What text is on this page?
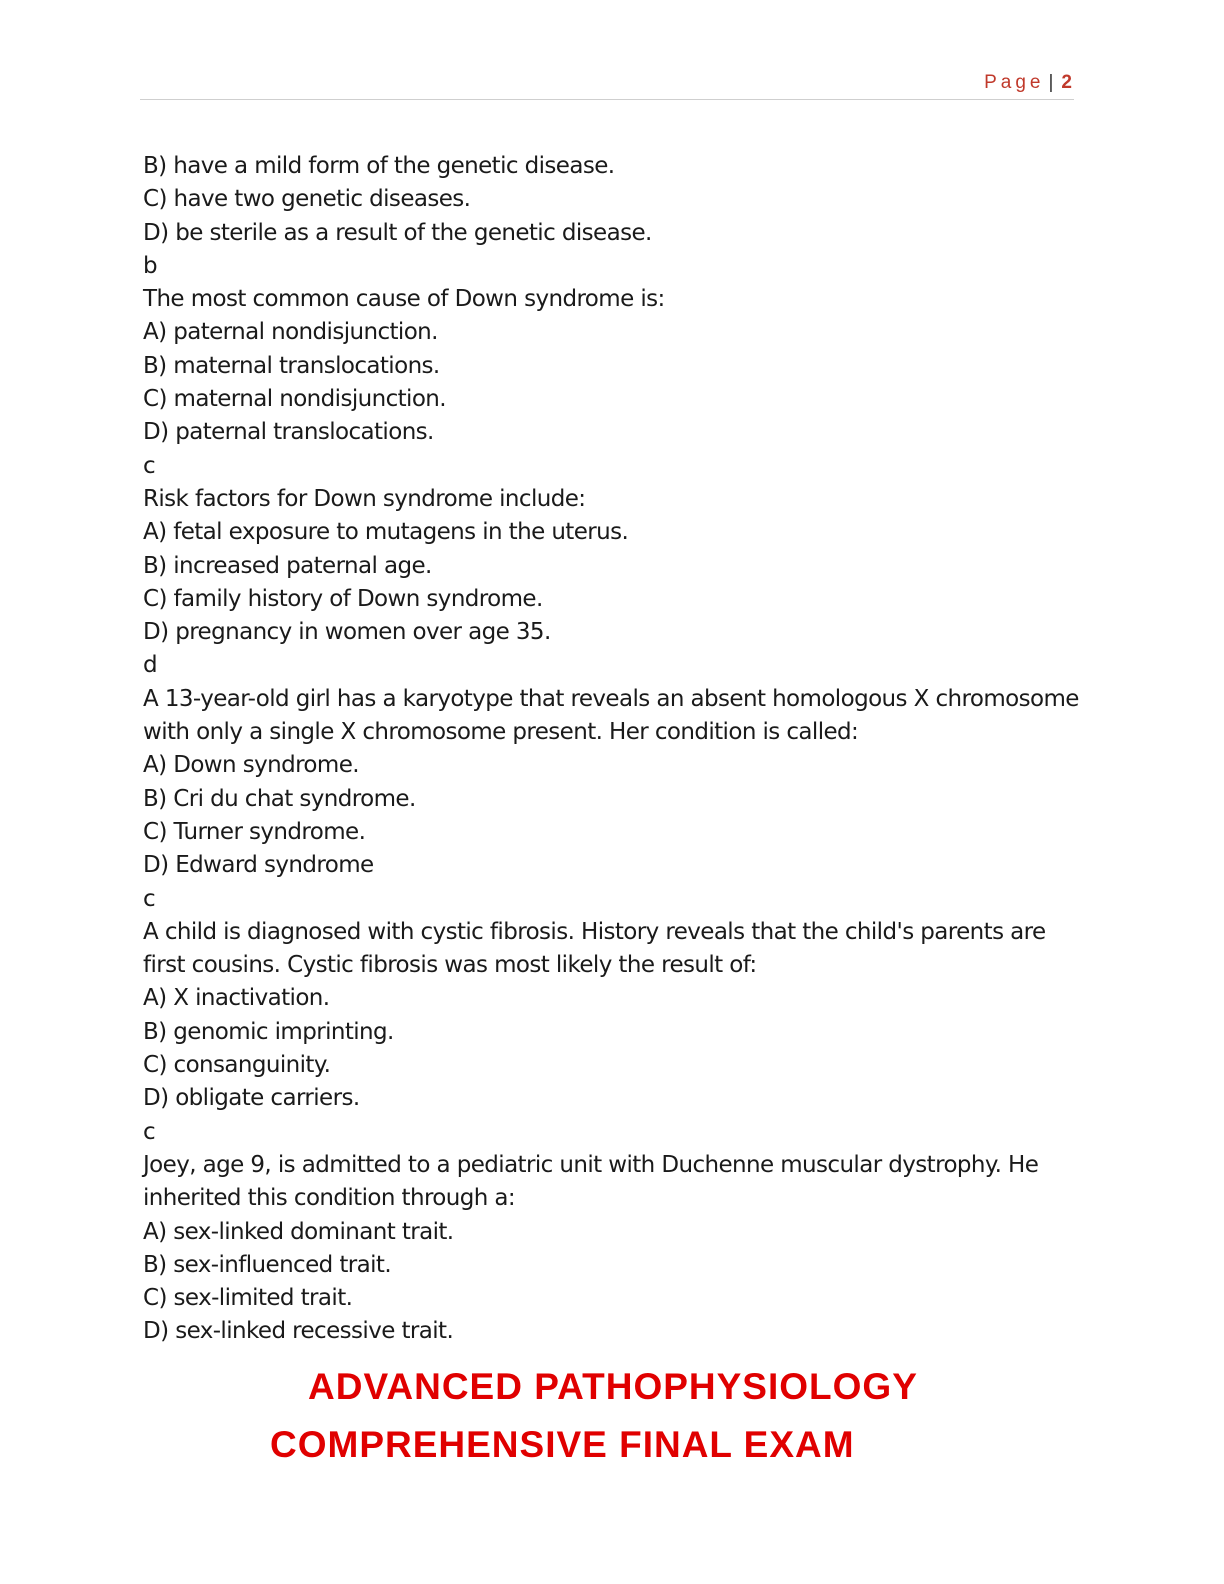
Page | 2
B) have a mild form of the genetic disease.
C) have two genetic diseases.
D) be sterile as a result of the genetic disease.
b
The most common cause of Down syndrome is:
A) paternal nondisjunction.
B) maternal translocations.
C) maternal nondisjunction.
D) paternal translocations.
c
Risk factors for Down syndrome include:
A) fetal exposure to mutagens in the uterus.
B) increased paternal age.
C) family history of Down syndrome.
D) pregnancy in women over age 35.
d
A 13-year-old girl has a karyotype that reveals an absent homologous X chromosome
with only a single X chromosome present. Her condition is called:
A) Down syndrome.
B) Cri du chat syndrome.
C) Turner syndrome.
D) Edward syndrome
c
A child is diagnosed with cystic fibrosis. History reveals that the child's parents are
first cousins. Cystic fibrosis was most likely the result of:
A) X inactivation.
B) genomic imprinting.
C) consanguinity.
D) obligate carriers.
c
Joey, age 9, is admitted to a pediatric unit with Duchenne muscular dystrophy. He
inherited this condition through a:
A) sex-linked dominant trait.
B) sex-influenced trait.
C) sex-limited trait.
D) sex-linked recessive trait.
ADVANCED PATHOPHYSIOLOGY
COMPREHENSIVE FINAL EXAM
